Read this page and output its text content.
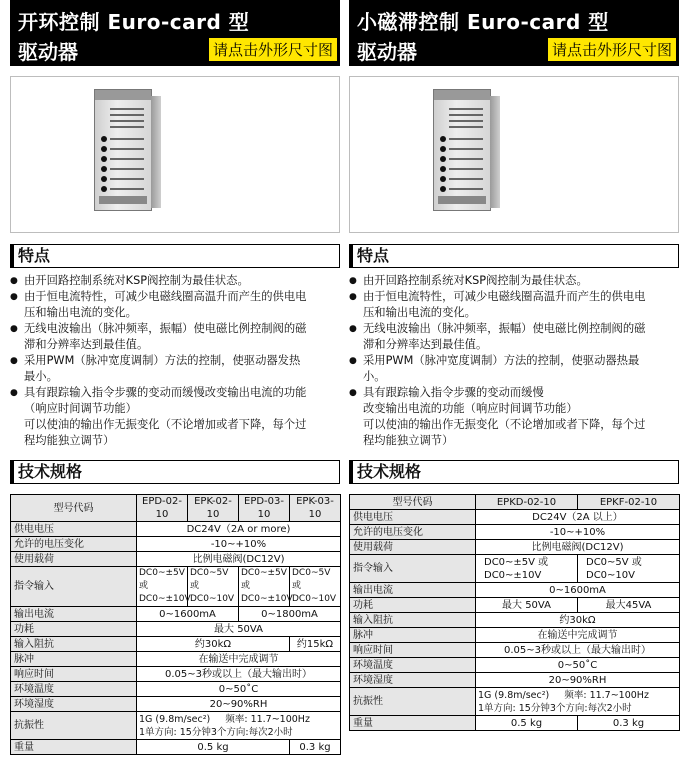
开环控制 Euro-card 型
驱动器	请点击外形尺寸图
特点
● 由开回路控制系统对KSP阀控制为最佳状态。
● 由于恒电流特性，可减少电磁线圈高温升而产生的供电电
压和输出电流的变化。
● 无线电波输出（脉冲频率，振幅）使电磁比例控制阀的磁
滞和分辨率达到最佳值。
● 采用PWM（脉冲宽度调制）方法的控制，使驱动器发热
最小。
● 具有跟踪输入指令步骤的变动而缓慢改变输出电流的功能
（响应时间调节功能）
可以使油的输出作无振变化（不论增加或者下降，每个过
程均能独立调节）
技术规格
型号代码	EPD-02-10	EPK-02-10	EPD-03-10	EPK-03-10
供电电压	DC24V（2A or more)			
允许的电压变化	-10~+10%			
使用载荷	比例电磁阀(DC12V)			
指令输入	DC0~±5V或
DC0~±10V	DC0~5V或
DC0~10V	DC0~±5V或
DC0~±10V	DC0~5V或
DC0~10V
输出电流	0~1600mA		0~1800mA	
功耗	最大 50VA			
输入阻抗	约30kΩ			约15kΩ
脉冲	在输送中完成调节			
响应时间	0.05~3秒或以上（最大输出时）			
环境温度	0~50˚C			
环境湿度	20~90%RH			
抗振性	1G (9.8m/sec²) 频率: 11.7~100Hz
1单方向: 15分钟3个方向:每次2小时			
重量	0.5 kg			0.3 kg
小磁滞控制 Euro-card 型
驱动器	请点击外形尺寸图
特点
● 由开回路控制系统对KSP阀控制为最佳状态。
● 由于恒电流特性，可减少电磁线圈高温升而产生的供电电
压和输出电流的变化。
● 无线电波输出（脉冲频率，振幅）使电磁比例控制阀的磁
滞和分辨率达到最佳值。
● 采用PWM（脉冲宽度调制）方法的控制，使驱动器热最
小。
● 具有跟踪输入指令步骤的变动而缓慢
改变输出电流的功能（响应时间调节功能）
可以使油的输出作无振变化（不论增加或者下降，每个过
程均能独立调节）
技术规格
型号代码	EPKD-02-10	EPKF-02-10
供电电压	DC24V（2A 以上）	
允许的电压变化	-10~+10%	
使用载荷	比例电磁阀(DC12V)	
指令输入	DC0~±5V 或
DC0~±10V	DC0~5V 或
DC0~10V
输出电流	0~1600mA	
功耗	最大 50VA	最大45VA
输入阻抗	约30kΩ	
脉冲	在输送中完成调节	
响应时间	0.05~3秒或以上（最大输出时）	
环境温度	0~50˚C	
环境湿度	20~90%RH	
抗振性	1G (9.8m/sec²) 频率: 11.7~100Hz
1单方向: 15分钟3个方向:每次2小时	
重量	0.5 kg	0.3 kg
